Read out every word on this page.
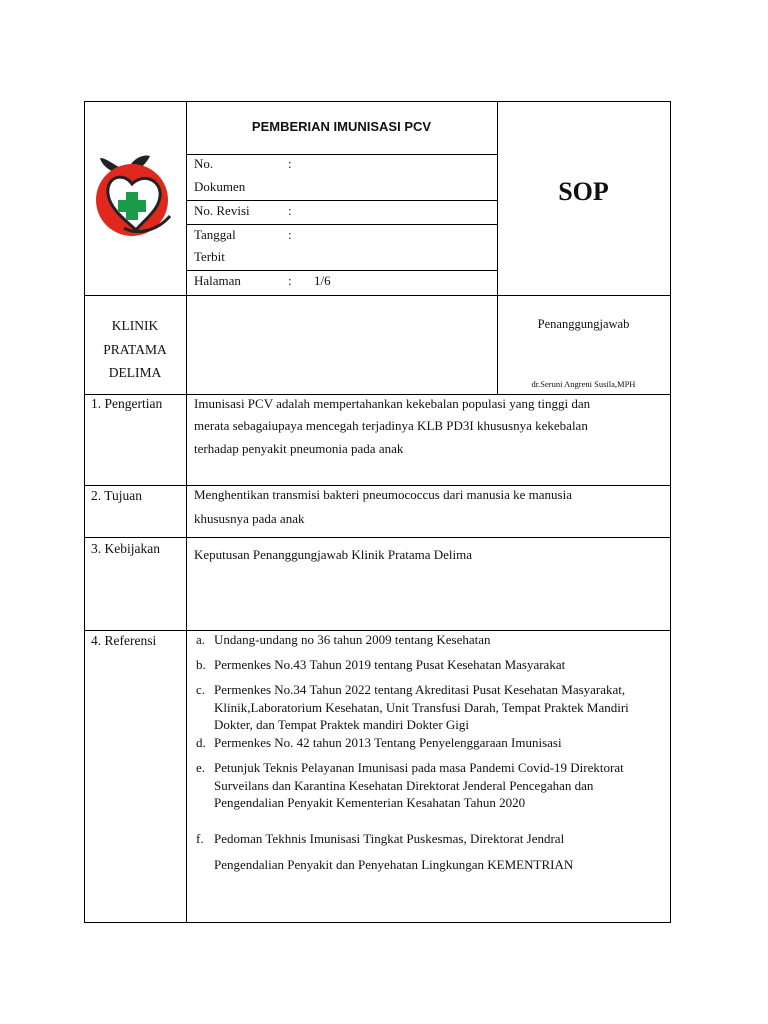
PEMBERIAN IMUNISASI PCV
No.
Dokumen
:
No. Revisi	:
Tanggal
Terbit
:
Halaman	: 1/6
SOP
KLINIK
PRATAMA
DELIMA
Penanggungjawab
dr.Seruni Angreni Susila,MPH
1. Pengertian Imunisasi PCV adalah mempertahankan kekebalan populasi yang tinggi dan
merata sebagaiupaya mencegah terjadinya KLB PD3I khususnya kekebalan
terhadap penyakit pneumonia pada anak
2. Tujuan	Menghentikan transmisi bakteri pneumococcus dari manusia ke manusia
khususnya pada anak
3. Kebijakan	Keputusan Penanggungjawab Klinik Pratama Delima
4. Referensi	a. Undang-undang no 36 tahun 2009 tentang Kesehatan
b. Permenkes No.43 Tahun 2019 tentang Pusat Kesehatan Masyarakat
c. Permenkes No.34 Tahun 2022 tentang Akreditasi Pusat Kesehatan Masyarakat, Klinik,Laboratorium Kesehatan, Unit Transfusi Darah, Tempat Praktek Mandiri Dokter, dan Tempat Praktek mandiri Dokter Gigi
d. Permenkes No. 42 tahun 2013 Tentang Penyelenggaraan Imunisasi
e. Petunjuk Teknis Pelayanan Imunisasi pada masa Pandemi Covid-19 Direktorat Surveilans dan Karantina Kesehatan Direktorat Jenderal Pencegahan dan Pengendalian Penyakit Kementerian Kesahatan Tahun 2020
f. Pedoman Tekhnis Imunisasi Tingkat Puskesmas, Direktorat Jendral
Pengendalian Penyakit dan Penyehatan Lingkungan KEMENTRIAN
